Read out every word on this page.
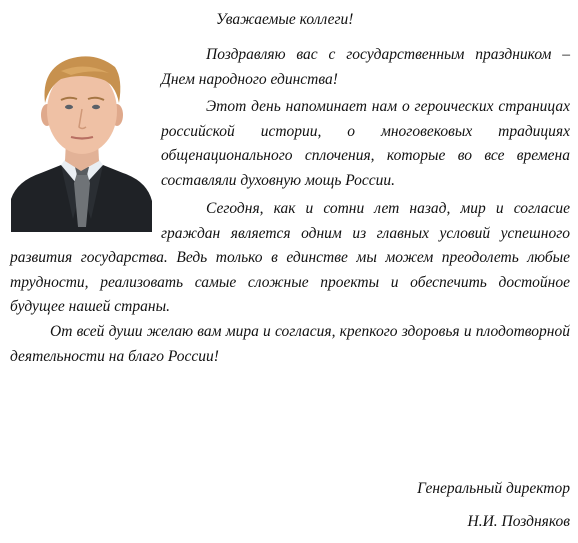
Уважаемые коллеги!

Поздравляю вас с государственным праздником – Днем народного единства!

Этот день напоминает нам о героических страницах российской истории, о многовековых традициях общенационального сплочения, которые во все времена составляли духовную мощь России.

Сегодня, как и сотни лет назад, мир и согласие граждан является одним из главных условий успешного развития государства. Ведь только в единстве мы можем преодолеть любые трудности, реализовать самые сложные проекты и обеспечить достойное будущее нашей страны.

От всей души желаю вам мира и согласия, крепкого здоровья и плодотворной деятельности на благо России!

Генеральный директор
Н.И. Поздняков
